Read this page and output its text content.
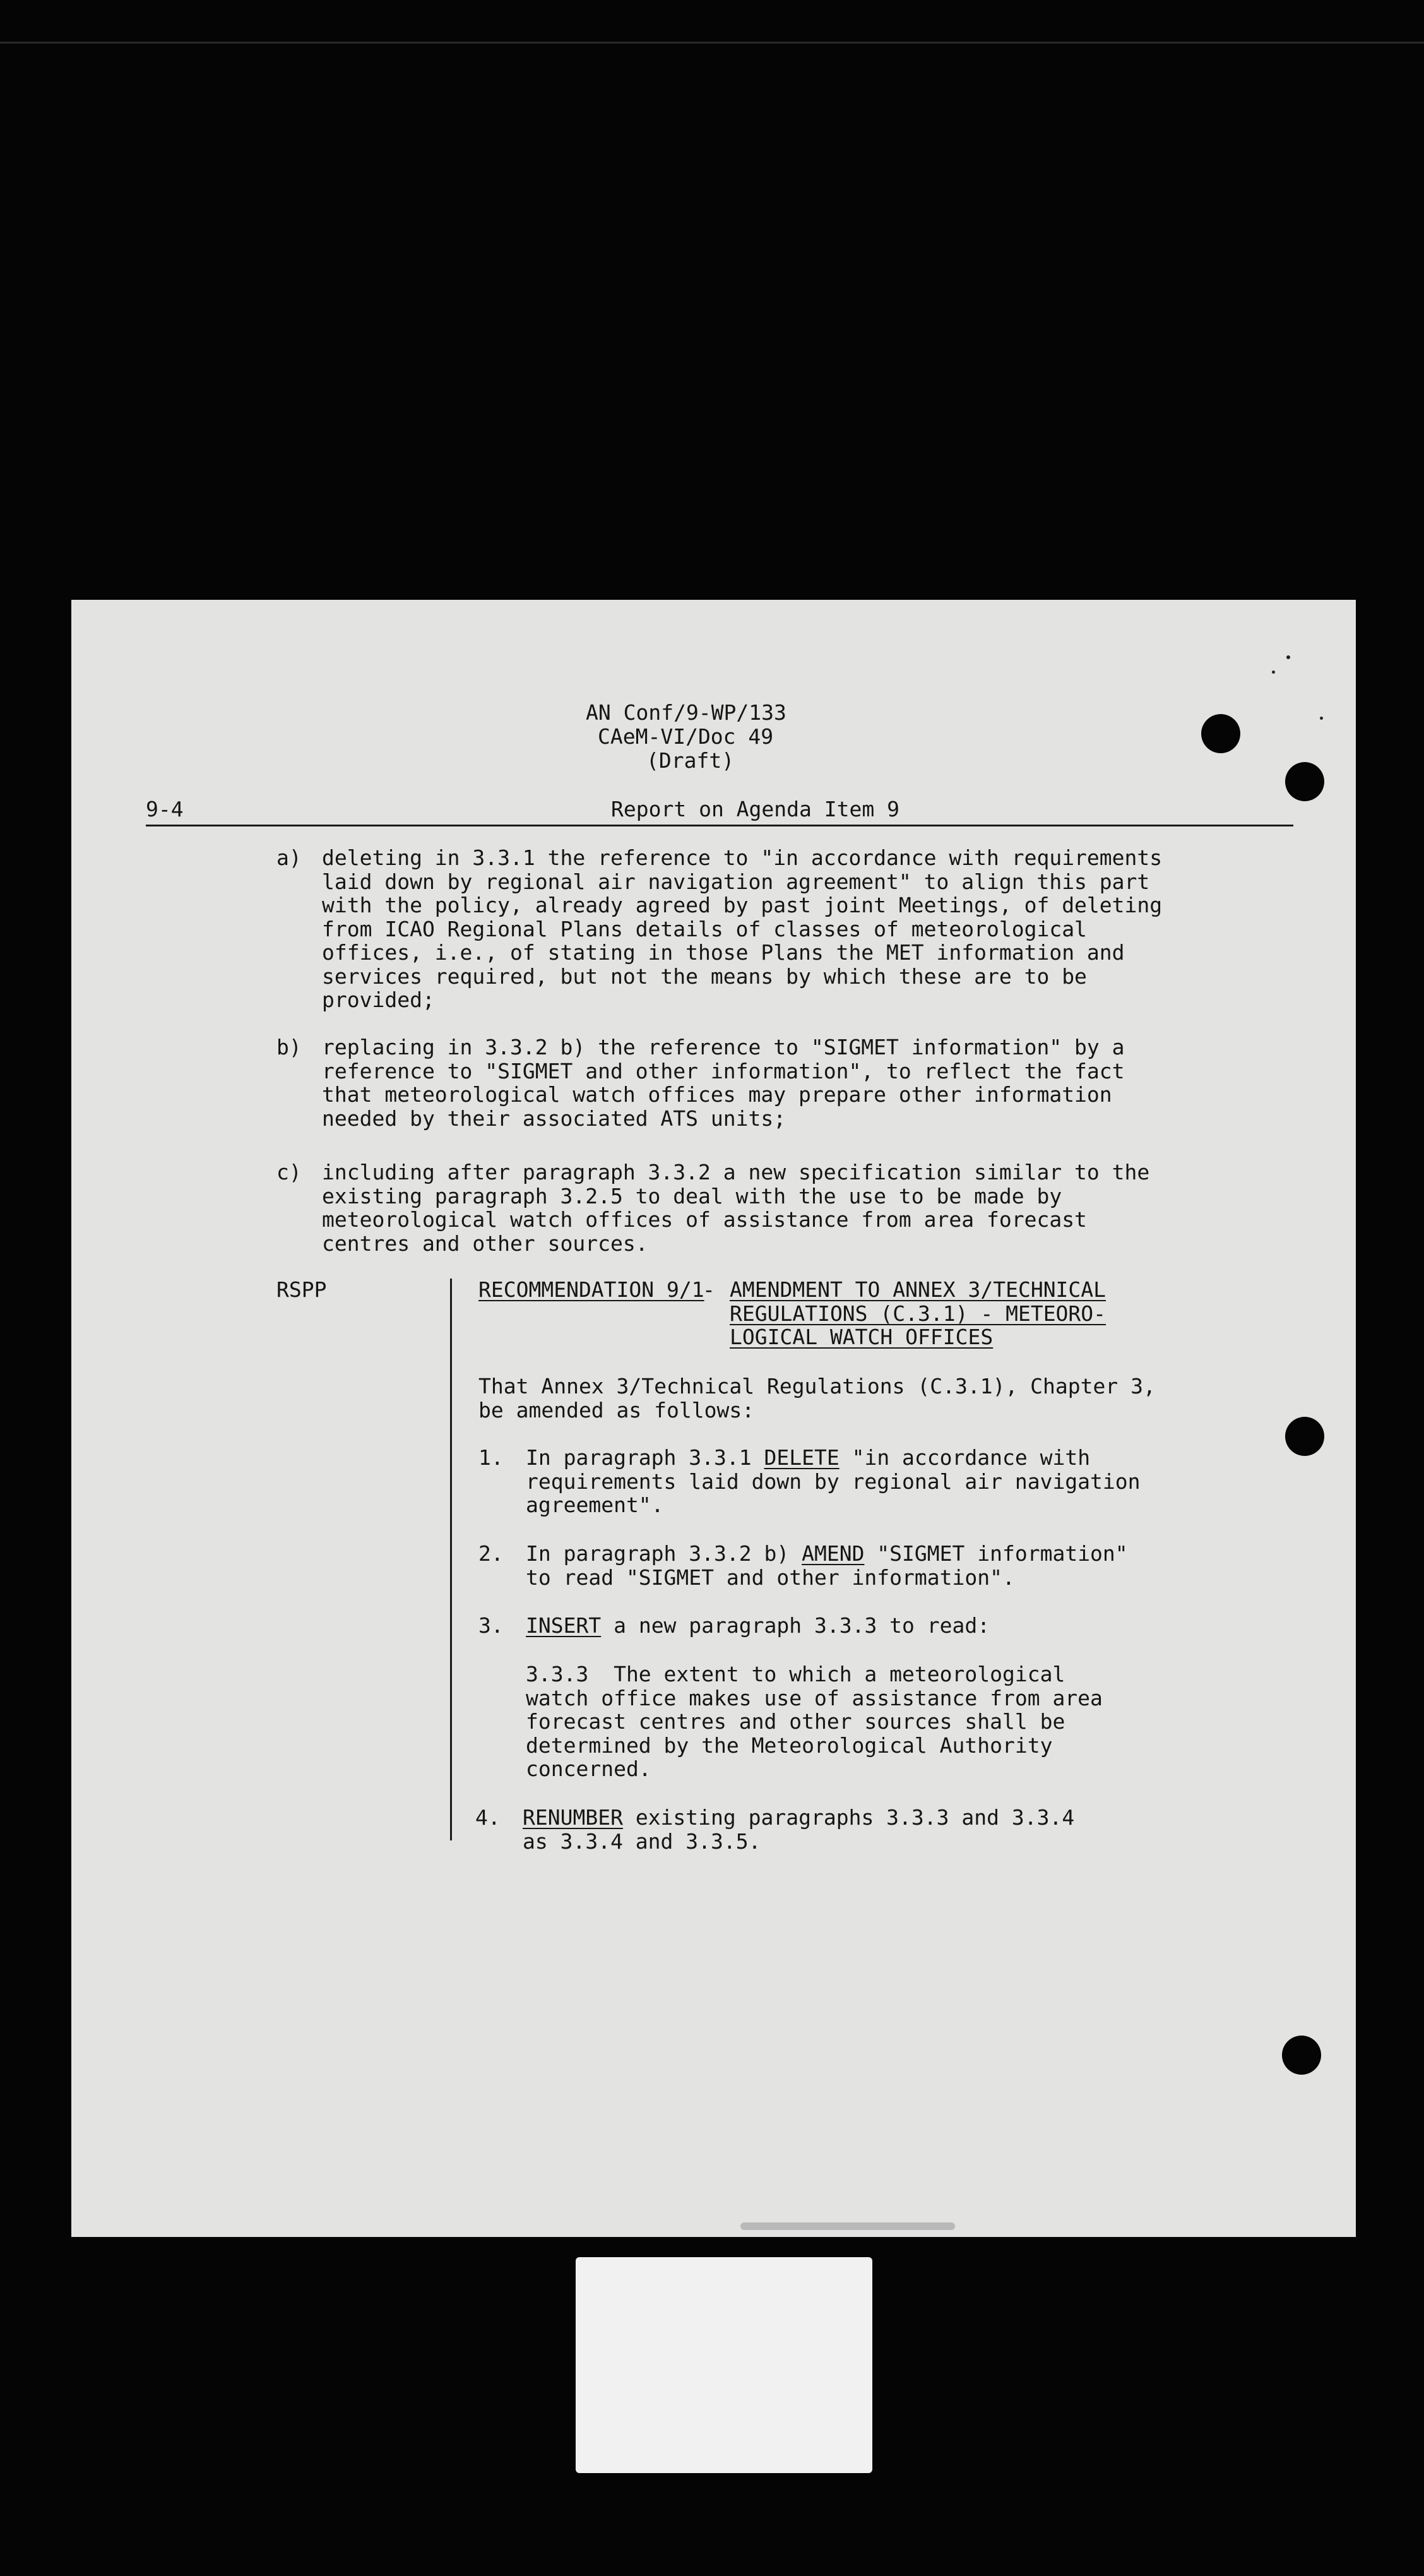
AN Conf/9-WP/133
CAeM-VI/Doc 49
(Draft)
9-4	Report on Agenda Item 9
a) deleting in 3.3.1 the reference to "in accordance with requirements
laid down by regional air navigation agreement" to align this part
with the policy, already agreed by past joint Meetings, of deleting
from ICAO Regional Plans details of classes of meteorological
offices, i.e., of stating in those Plans the MET information and
services required, but not the means by which these are to be
provided;
b) replacing in 3.3.2 b) the reference to "SIGMET information" by a
reference to "SIGMET and other information", to reflect the fact
that meteorological watch offices may prepare other information
needed by their associated ATS units;
c) including after paragraph 3.3.2 a new specification similar to the
existing paragraph 3.2.5 to deal with the use to be made by
meteorological watch offices of assistance from area forecast
centres and other sources.
RSPP	RECOMMENDATION 9/1
- AMENDMENT TO ANNEX 3/TECHNICAL
REGULATIONS (C.3.1) - METEORO-
LOGICAL WATCH OFFICES
That Annex 3/Technical Regulations (C.3.1), Chapter 3,
be amended as follows:
1. In paragraph 3.3.1 DELETE "in accordance with
requirements laid down by regional air navigation
agreement".
2. In paragraph 3.3.2 b) AMEND "SIGMET information"
to read "SIGMET and other information".
3. INSERT a new paragraph 3.3.3 to read:
3.3.3  The extent to which a meteorological
watch office makes use of assistance from area
forecast centres and other sources shall be
determined by the Meteorological Authority
concerned.
4. RENUMBER existing paragraphs 3.3.3 and 3.3.4
as 3.3.4 and 3.3.5.
